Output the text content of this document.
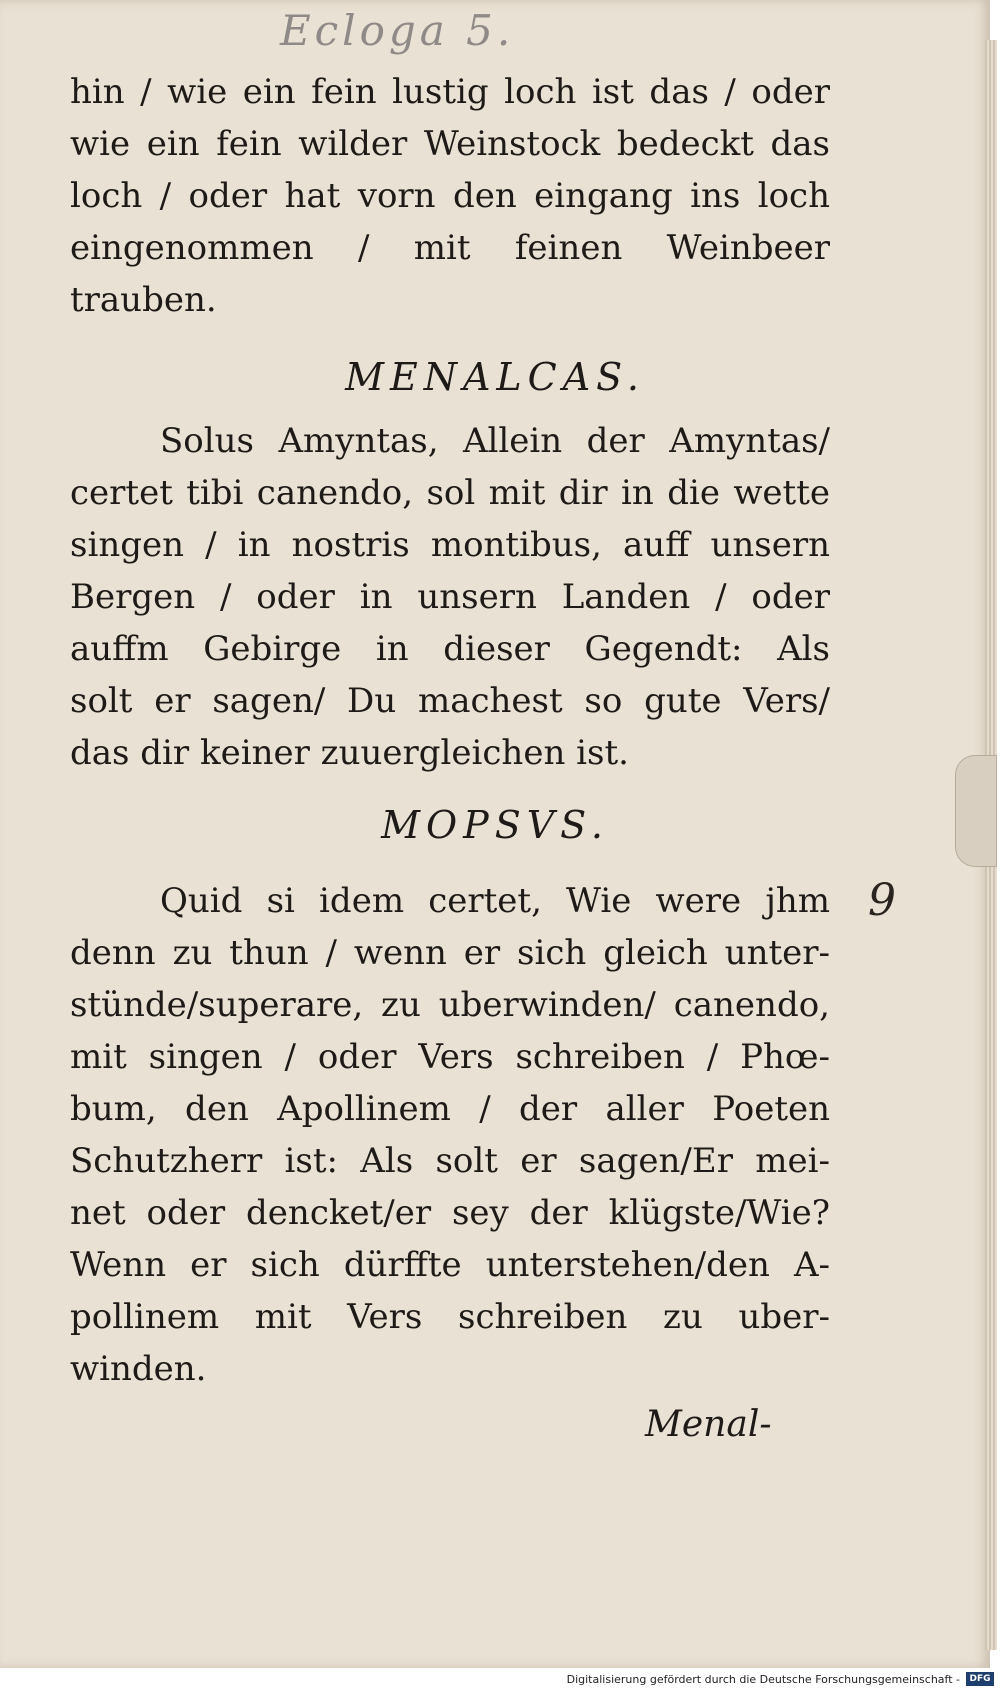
Ecloga 5.
hin / wie ein fein lustig loch ist das / oder
wie ein fein wilder Weinstock bedeckt das
loch / oder hat vorn den eingang ins loch
eingenommen / mit feinen Weinbeer
trauben.
MENALCAS.
Solus Amyntas, Allein der Amyntas/
certet tibi canendo, sol mit dir in die wette
singen / in nostris montibus, auff unsern
Bergen / oder in unsern Landen / oder
auffm Gebirge in dieser Gegendt: Als
solt er sagen/ Du machest so gute Vers/
das dir keiner zuuergleichen ist.
MOPSVS.
Quid si idem certet, Wie were jhm
denn zu thun / wenn er sich gleich unter-
stünde/superare, zu uberwinden/ canendo,
mit singen / oder Vers schreiben / Phœ-
bum, den Apollinem / der aller Poeten
Schutzherr ist: Als solt er sagen/Er mei-
net oder dencket/er sey der klügste/Wie?
Wenn er sich dürffte unterstehen/den A-
pollinem mit Vers schreiben zu uber-
winden.
9
Menal-
Digitalisierung gefördert durch die Deutsche Forschungsgemeinschaft -	DFG
